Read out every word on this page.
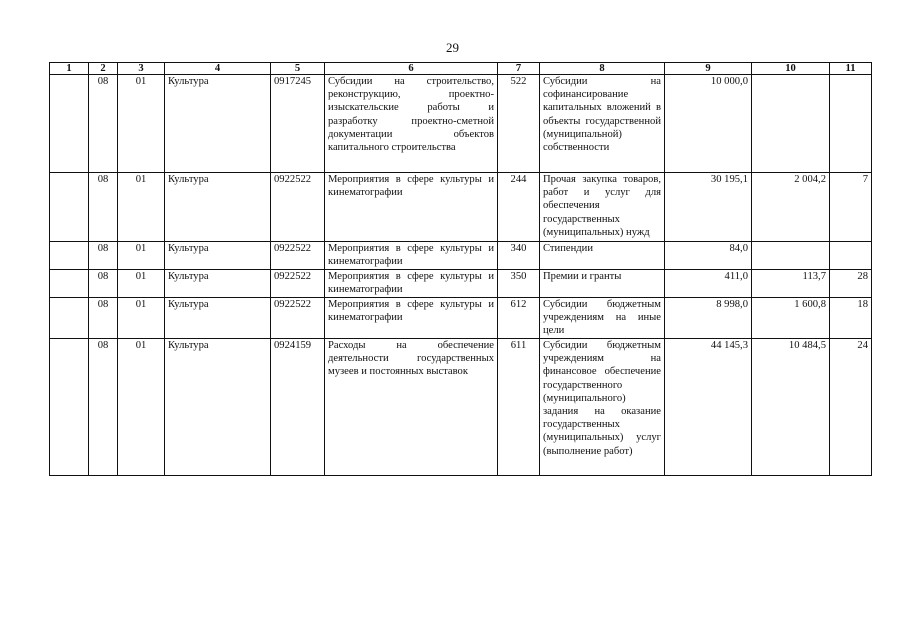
29
1	2	3	4	5	6	7	8	9	10	11
	08	01	Культура	0917245	Субсидии на строительство, реконструкцию, проектно-изыскательские работы и разработку проектно-сметной документации объектов капитального строительства	522	Субсидии на софинансирование капитальных вложений в объекты государственной (муниципальной) собственности	10 000,0		
	08	01	Культура	0922522	Мероприятия в сфере культуры и кинематографии	244	Прочая закупка товаров, работ и услуг для обеспечения государственных (муниципальных) нужд	30 195,1	2 004,2	7
	08	01	Культура	0922522	Мероприятия в сфере культуры и кинематографии	340	Стипендии	84,0		
	08	01	Культура	0922522	Мероприятия в сфере культуры и кинематографии	350	Премии и гранты	411,0	113,7	28
	08	01	Культура	0922522	Мероприятия в сфере культуры и кинематографии	612	Субсидии бюджетным учреждениям на иные цели	8 998,0	1 600,8	18
	08	01	Культура	0924159	Расходы на обеспечение деятельности государственных музеев и постоянных выставок	611	Субсидии бюджетным учреждениям на финансовое обеспечение государственного (муниципального) задания на оказание государственных (муниципальных) услуг (выполнение работ)	44 145,3	10 484,5	24
